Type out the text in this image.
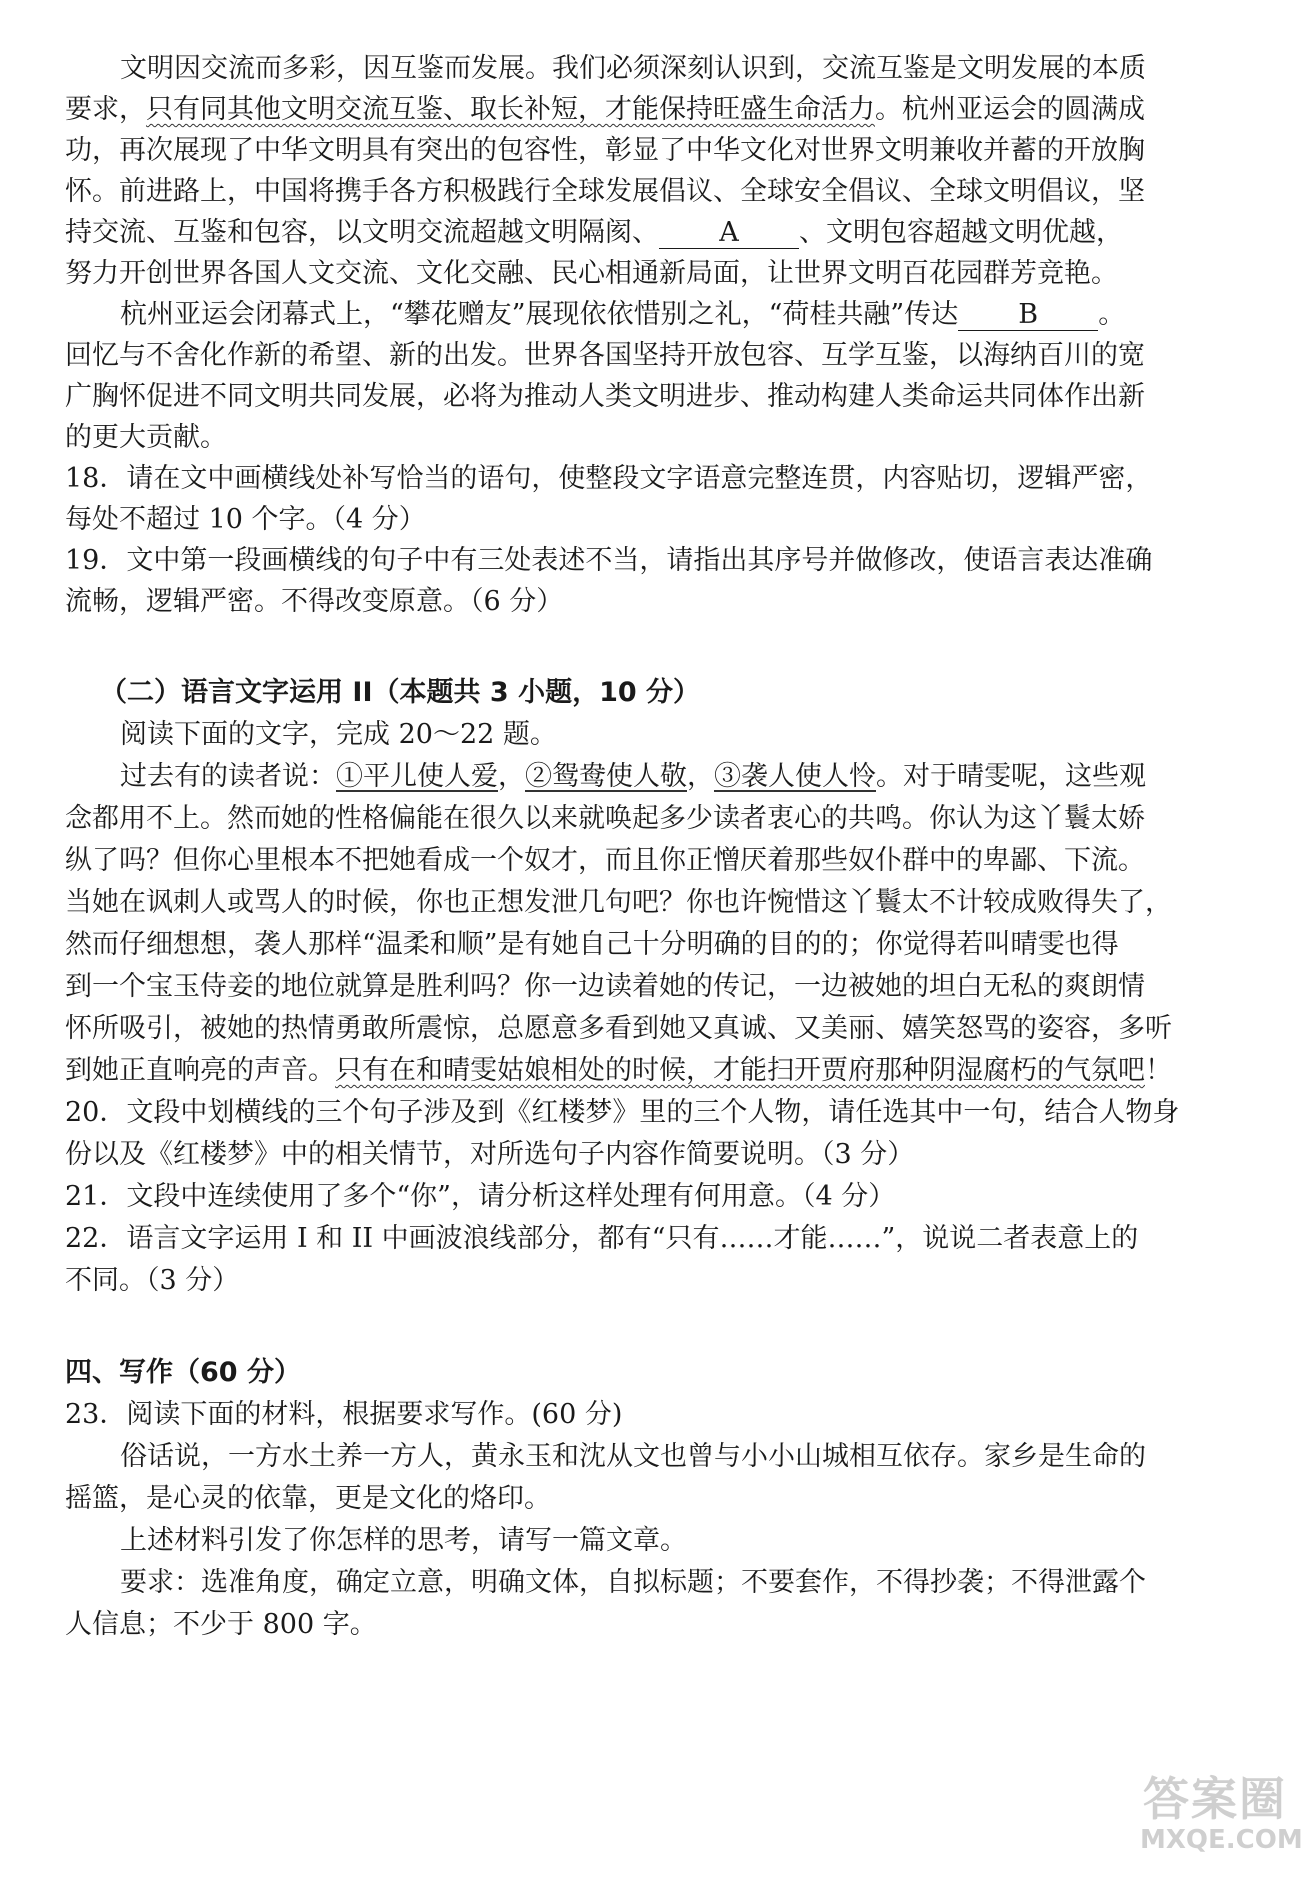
文明因交流而多彩，因互鉴而发展。我们必须深刻认识到，交流互鉴是文明发展的本质
要求，只有同其他文明交流互鉴、取长补短，才能保持旺盛生命活力。杭州亚运会的圆满成
功，再次展现了中华文明具有突出的包容性，彰显了中华文化对世界文明兼收并蓄的开放胸
怀。前进路上，中国将携手各方积极践行全球发展倡议、全球安全倡议、全球文明倡议，坚
持交流、互鉴和包容，以文明交流超越文明隔阂、 A 、文明包容超越文明优越，
努力开创世界各国人文交流、文化交融、民心相通新局面，让世界文明百花园群芳竞艳。
杭州亚运会闭幕式上，“攀花赠友”展现依依惜别之礼，“荷桂共融”传达 B 。
回忆与不舍化作新的希望、新的出发。世界各国坚持开放包容、互学互鉴，以海纳百川的宽
广胸怀促进不同文明共同发展，必将为推动人类文明进步、推动构建人类命运共同体作出新
的更大贡献。
18．请在文中画横线处补写恰当的语句，使整段文字语意完整连贯，内容贴切，逻辑严密，
每处不超过 10 个字。（4 分）
19．文中第一段画横线的句子中有三处表述不当，请指出其序号并做修改，使语言表达准确
流畅，逻辑严密。不得改变原意。（6 分）
（二）语言文字运用 II（本题共 3 小题，10 分）
阅读下面的文字，完成 20～22 题。
过去有的读者说：①平儿使人爱，②鸳鸯使人敬，③袭人使人怜。对于晴雯呢，这些观
念都用不上。然而她的性格偏能在很久以来就唤起多少读者衷心的共鸣。你认为这丫鬟太娇
纵了吗？但你心里根本不把她看成一个奴才，而且你正憎厌着那些奴仆群中的卑鄙、下流。
当她在讽刺人或骂人的时候，你也正想发泄几句吧？你也许惋惜这丫鬟太不计较成败得失了，
然而仔细想想，袭人那样“温柔和顺”是有她自己十分明确的目的的；你觉得若叫晴雯也得
到一个宝玉侍妾的地位就算是胜利吗？你一边读着她的传记，一边被她的坦白无私的爽朗情
怀所吸引，被她的热情勇敢所震惊，总愿意多看到她又真诚、又美丽、嬉笑怒骂的姿容，多听
到她正直响亮的声音。只有在和晴雯姑娘相处的时候，才能扫开贾府那种阴湿腐朽的气氛吧！
20．文段中划横线的三个句子涉及到《红楼梦》里的三个人物，请任选其中一句，结合人物身
份以及《红楼梦》中的相关情节，对所选句子内容作简要说明。（3 分）
21．文段中连续使用了多个“你”，请分析这样处理有何用意。（4 分）
22．语言文字运用 I 和 II 中画波浪线部分，都有“只有……才能……”，说说二者表意上的
不同。（3 分）
四、写作（60 分）
23．阅读下面的材料，根据要求写作。(60 分)
俗话说，一方水土养一方人，黄永玉和沈从文也曾与小小山城相互依存。家乡是生命的
摇篮，是心灵的依靠，更是文化的烙印。
上述材料引发了你怎样的思考，请写一篇文章。
要求：选准角度，确定立意，明确文体，自拟标题；不要套作，不得抄袭；不得泄露个
人信息；不少于 800 字。
答案圈
MXQE.COM
